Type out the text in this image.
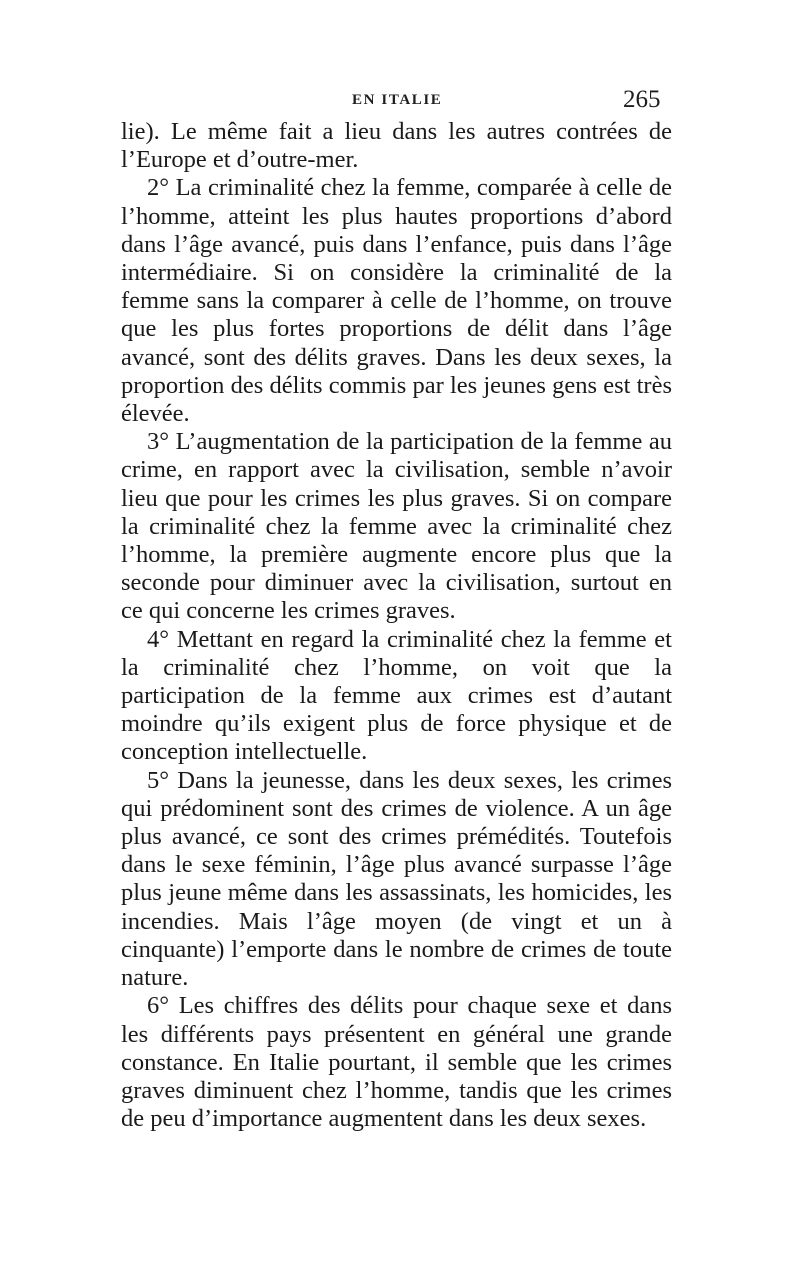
EN ITALIE	265

lie). Le même fait a lieu dans les autres contrées de l’Europe et d’outre-mer.

2° La criminalité chez la femme, comparée à celle de l’homme, atteint les plus hautes proportions d’abord dans l’âge avancé, puis dans l’enfance, puis dans l’âge intermédiaire. Si on considère la criminalité de la femme sans la comparer à celle de l’homme, on trouve que les plus fortes proportions de délit dans l’âge avancé, sont des délits graves. Dans les deux sexes, la proportion des délits commis par les jeunes gens est très élevée.

3° L’augmentation de la participation de la femme au crime, en rapport avec la civilisation, semble n’avoir lieu que pour les crimes les plus graves. Si on compare la criminalité chez la femme avec la criminalité chez l’homme, la première augmente encore plus que la seconde pour diminuer avec la civilisation, surtout en ce qui concerne les crimes graves.

4° Mettant en regard la criminalité chez la femme et la criminalité chez l’homme, on voit que la participation de la femme aux crimes est d’autant moindre qu’ils exigent plus de force physique et de conception intellectuelle.

5° Dans la jeunesse, dans les deux sexes, les crimes qui prédominent sont des crimes de violence. A un âge plus avancé, ce sont des crimes prémédités. Toutefois dans le sexe féminin, l’âge plus avancé surpasse l’âge plus jeune même dans les assassinats, les homicides, les incendies. Mais l’âge moyen (de vingt et un à cinquante) l’emporte dans le nombre de crimes de toute nature.

6° Les chiffres des délits pour chaque sexe et dans les différents pays présentent en général une grande constance. En Italie pourtant, il semble que les crimes graves diminuent chez l’homme, tandis que les crimes de peu d’importance augmentent dans les deux sexes.
